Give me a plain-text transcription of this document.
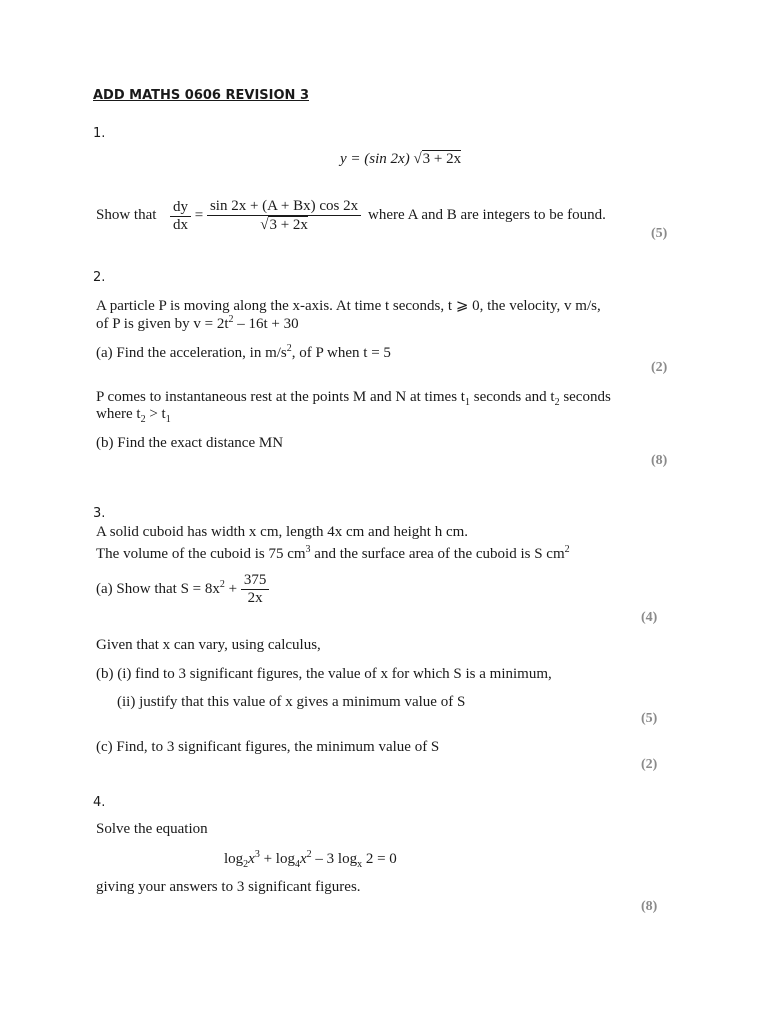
ADD MATHS 0606 REVISION 3
1.
y = (sin 2x) √3 + 2x
Show that $\frac{dy}{dx} = \frac{\sin 2x + (A + Bx) \cos 2x}{√3 + 2x}$ where A and B are integers to be found.
(5)
2.
A particle P is moving along the x-axis. At time t seconds, t ⩾ 0, the velocity, v m/s,
of P is given by $v = 2t^2 - 16t + 30$
(a) Find the acceleration, in $m/s^2$, of P when t = 5
(2)
P comes to instantaneous rest at the points M and N at times $t_1$ seconds and $t_2$ seconds
where $t_2 > t_1$
(b) Find the exact distance MN
(8)
3.
A solid cuboid has width x cm, length 4x cm and height h cm.
The volume of the cuboid is 75 $cm^3$ and the surface area of the cuboid is S $cm^2$
(a) Show that $S = 8x^2 + \frac{375}{2x}$
(4)
Given that x can vary, using calculus,
(b) (i) find to 3 significant figures, the value of x for which S is a minimum,
(ii) justify that this value of x gives a minimum value of S
(5)
(c) Find, to 3 significant figures, the minimum value of S
(2)
4.
Solve the equation
$\log_2x^3 + \log_4x^2 - 3$ $\log_x 2 = 0$
giving your answers to 3 significant figures.
(8)
